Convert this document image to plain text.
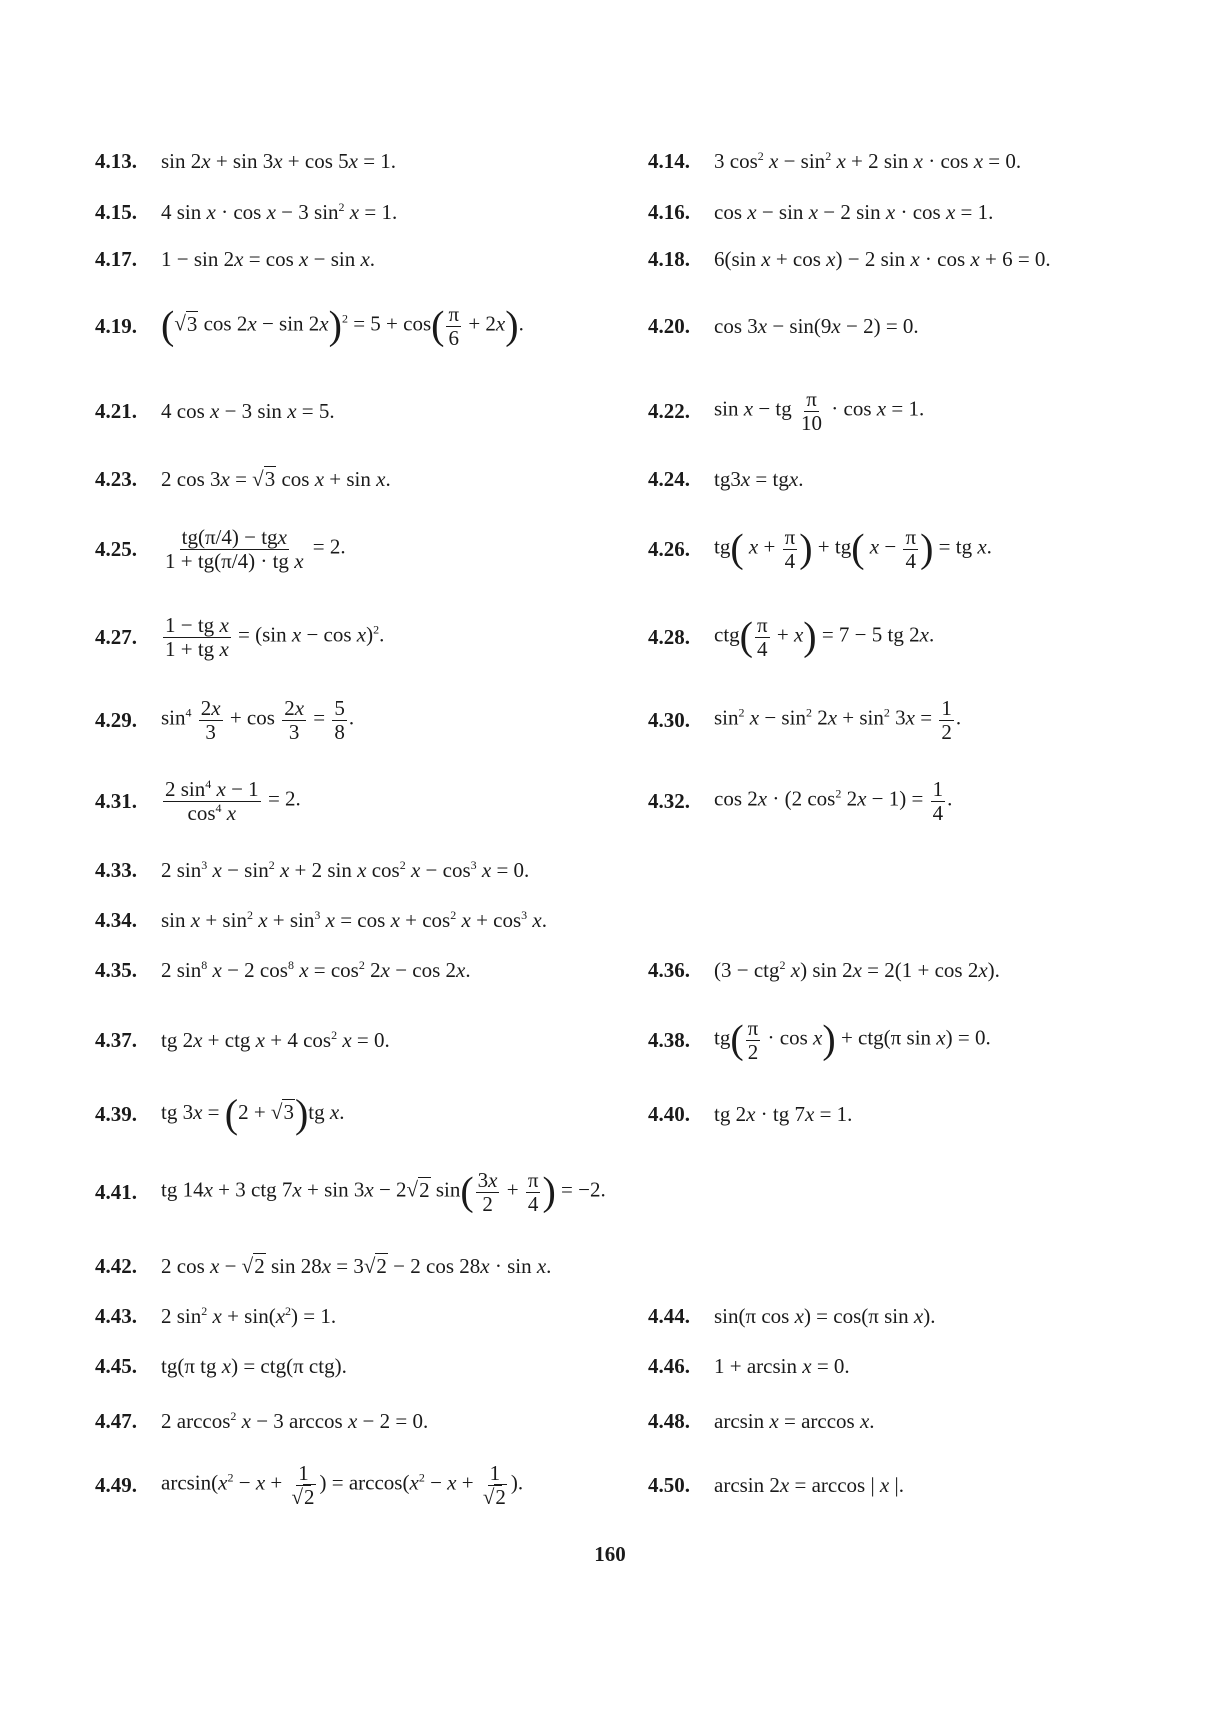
4.13.	sin 2x + sin 3x + cos 5x = 1.	4.14.	3 $\cos^2 x - \sin^2 x + 2$ sin x · cos x = 0.
4.15.	4 sin x · cos x − 3 $\sin^2 x = 1$.	4.16.	cos x − sin x − 2 sin x · cos x = 1.
4.17.	1 − sin 2x = cos x − sin x.	4.18.	6(sin x + cos x) − 2 sin x · cos x + 6 = 0.
4.19. (√3 $\cos 2x - \sin 2x)^2 = 5 + \cos( \frac{\pi}{6} + 2x)$.	4.20.	cos 3x − sin(9x − 2) = 0.
4.21.	4 cos x − 3 sin x = 5.	4.22.	sin x − tg $\frac{\pi}{10} \cdot \cos x = 1$.
4.23.	2 cos 3x = √3 cos x + sin x.	4.24.	tg3x = tgx.
4.25.	$\frac{\text{tg(π/4) − tgx}}{\text{1 + tg(π/4) · tg x}} = 2$.	4.26.	tg( $x + \frac{\pi}{4}$ ) + tg( $x - \frac{\pi}{4}$ ) = tg x.
4.27.	$\frac{\text{1 − tg x}}{\text{1 + tg x}} = (\sin$ x − cos x)$^2$.	4.28.	$ctg( \frac{\pi}{4} + x) = 7 - 5$ tg 2x.
4.29.	$\sin^4 \frac{2x}{3} + \cos \frac{2x}{3} = \frac{5}{8}$ .	4.30.	$\sin^2 x - \sin^2 2x + \sin^2 3x = \frac{1}{2}$ .
4.31.	$\frac{2 \sin^4 x - 1}{\cos^4 x} = 2$.	4.32.	cos 2x · (2 $\cos^2 2x - 1) = \frac{1}{4}$ .
4.33.	2 $\sin^3 x - \sin^2 x + 2$ sin x $\cos^2 x - \cos^3 x = 0$.
4.34.	$\sin x + \sin^2 x + \sin^3 x = \cos x + \cos^2 x + \cos^3 x$.
4.35.	2 $\sin^8 x - 2$ $\cos^8 x = \cos^2 2x - \cos 2x$.	4.36.	(3 − ctg$^2$ x) sin 2x = 2(1 + cos 2x).
4.37.	tg 2x + ctg x + 4 $\cos^2 x = 0$.	4.38.	$tg( \frac{\pi}{2} \cdot \cos x) + ctg(\pi$ sin x) = 0.
4.39.	tg 3x = (2 + √3)tg x.	4.40.	tg 2x · tg 7x = 1.
4.41.	tg 14x + 3 ctg 7x + sin 3x − 2√2 $\sin( \frac{3x}{2} + \frac{\pi}{4}$ ) = −2.
4.42.	2 cos x − √2 sin 28x = 3√2 − 2 cos 28x · sin x.
4.43.	2 $\sin^2 x + \sin(x^2) = 1$.	4.44.	sin(π cos x) = cos(π sin x).
4.45.	tg(π tg x) = ctg(π ctg).	4.46.	1 + arcsin x = 0.
4.47.	2 $\arccos^2 x - 3$ arccos x − 2 = 0.	4.48.	arcsin x = arccos x.
4.49.	$\arcsin(x^2 - x + \frac{1}{√2}$ ) = $\arccos(x^2 - x + \frac{1}{√2}$ ).	4.50.	arcsin 2x = arccos | x |.
160
